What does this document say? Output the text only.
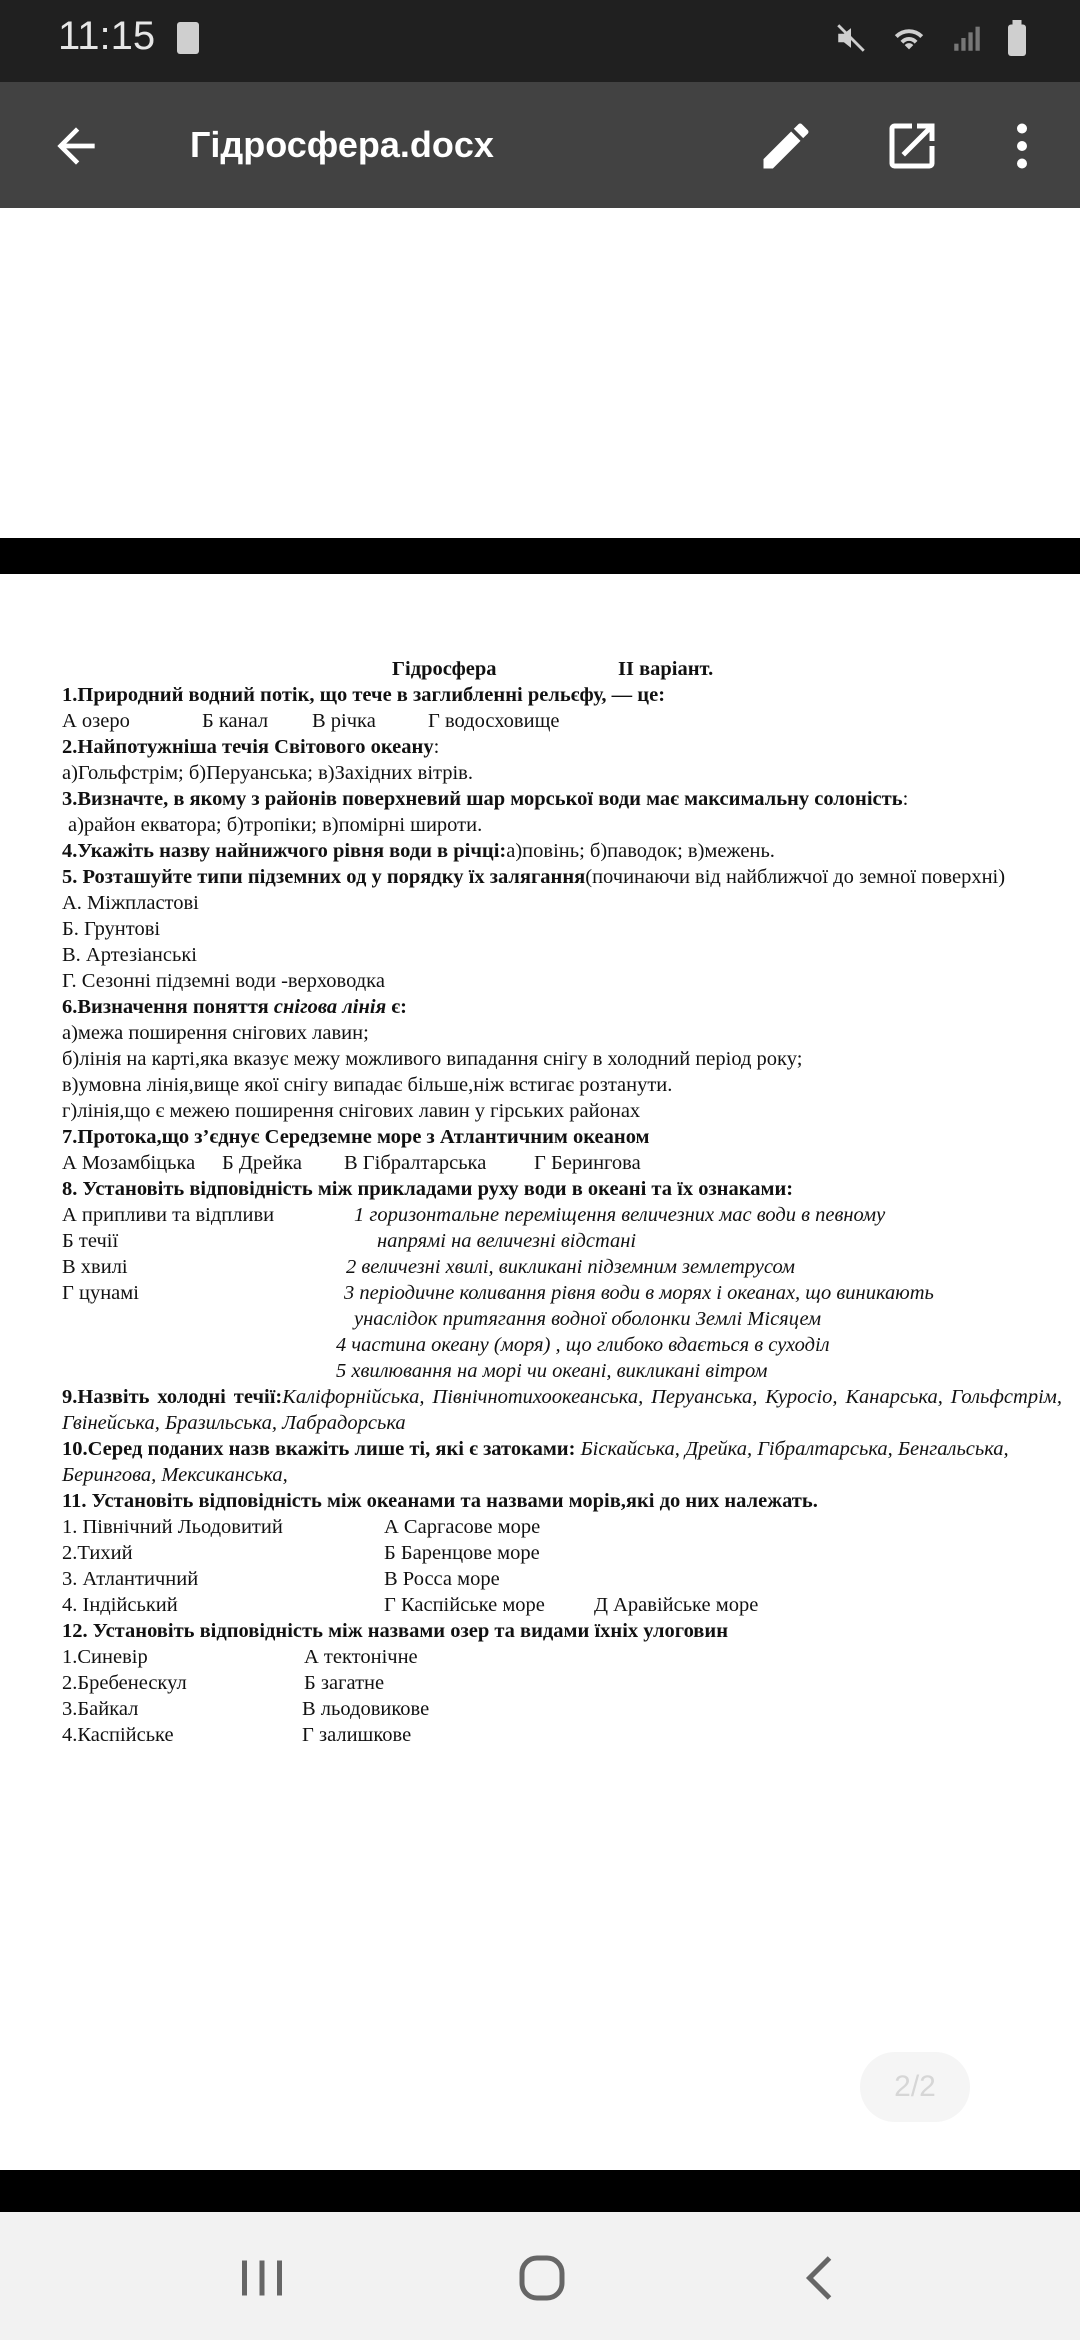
11:15
Гідросфера.docx
Гідросфера	ІІ варіант.
1.Природний водний потік, що тече в заглибленні рельєфу, — це:
А озеро	Б канал В річка	Г водосховище
2.Найпотужніша течія Світового океану:
а)Гольфстрім; б)Перуанська; в)Західних вітрів.
3.Визначте, в якому з районів поверхневий шар морської води має максимальну солоність:
а)район екватора; б)тропіки; в)помірні широти.
4.Укажіть назву найнижчого рівня води в річці:а)повінь; б)паводок; в)межень.
5. Розташуйте типи підземних од у порядку їх залягання(починаючи від найближчої до земної поверхні)
А. Міжпластові
Б. Грунтові
В. Артезіанські
Г. Сезонні підземні води -верховодка
6.Визначення поняття снігова лінія є:
а)межа поширення снігових лавин;
б)лінія на карті,яка вказує межу можливого випадання снігу в холодний період року;
в)умовна лінія,вище якої снігу випадає більше,ніж встигає розтанути.
г)лінія,що є межею поширення снігових лавин у гірських районах
7.Протока,що з’єднує Середземне море з Атлантичним океаном
А Мозамбіцька Б Дрейка В Гібралтарська Г Берингова
8. Установіть відповідність між прикладами руху води в океані та їх ознаками:
А припливи та відпливи	1 горизонтальне переміщення величезних мас води в певному
Б течії	напрямі на величезні відстані
В хвилі	2 величезні хвилі, викликані підземним землетрусом
Г цунамі	3 періодичне коливання рівня води в морях і океанах, що виникають
унаслідок притягання водної оболонки Землі Місяцем
4 частина океану (моря) , що глибоко вдається в суходіл
5 хвилювання на морі чи океані, викликані вітром
9.Назвіть холодні течії:Каліфорнійська, Північнотихоокеанська, Перуанська, Куросіо, Канарська, Гольфстрім, Гвінейська, Бразильська, Лабрадорська
10.Серед поданих назв вкажіть лише ті, які є затоками: Біскайська, Дрейка, Гібралтарська, Бенгальська, Берингова, Мексиканська,
11. Установіть відповідність між океанами та назвами морів,які до них належать.
1. Північний Льодовитий	А Саргасове море
2.Тихий	Б Баренцове море
3. Атлантичний	В Росса море
4. Індійський	Г Каспійське море Д Аравійське море
12. Установіть відповідність між назвами озер та видами їхніх улоговин
1.Синевір	А тектонічне
2.Бребенескул	Б загатне
3.Байкал	В льодовикове
4.Каспійське	Г залишкове
2/2
